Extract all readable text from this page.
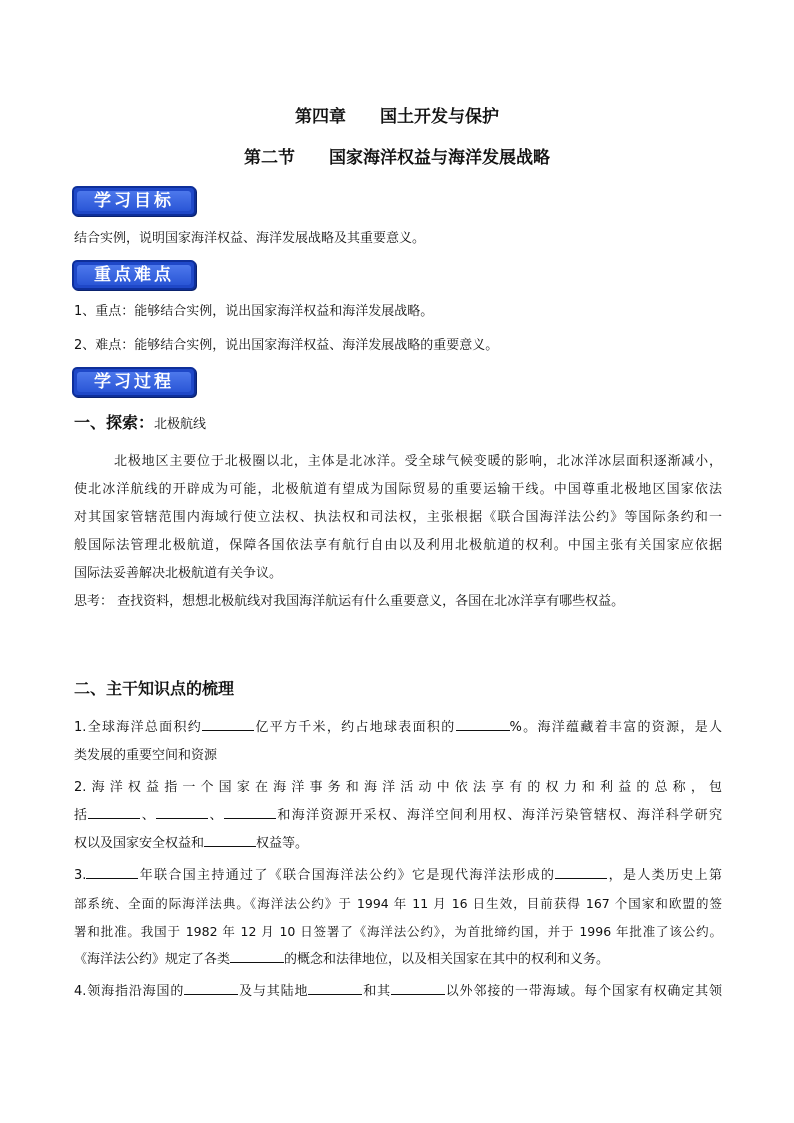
第四章 国土开发与保护
第二节 国家海洋权益与海洋发展战略
学习目标
结合实例，说明国家海洋权益、海洋发展战略及其重要意义。
重点难点
1、重点：能够结合实例，说出国家海洋权益和海洋发展战略。
2、难点：能够结合实例，说出国家海洋权益、海洋发展战略的重要意义。
学习过程
一、探索：北极航线
北极地区主要位于北极圈以北，主体是北冰洋。受全球气候变暖的影响，北冰洋冰层面积逐渐减小，
使北冰洋航线的开辟成为可能，北极航道有望成为国际贸易的重要运输干线。中国尊重北极地区国家依法
对其国家管辖范围内海域行使立法权、执法权和司法权，主张根据《联合国海洋法公约》等国际条约和一
般国际法管理北极航道，保障各国依法享有航行自由以及利用北极航道的权利。中国主张有关国家应依据
国际法妥善解决北极航道有关争议。
思考： 查找资料，想想北极航线对我国海洋航运有什么重要意义，各国在北冰洋享有哪些权益。
二、主干知识点的梳理
1.全球海洋总面积约	亿平方千米，约占地球表面积的	%。海洋蕴藏着丰富的资源，是人
类发展的重要空间和资源
2.海洋权益指一个国家在海洋事务和海洋活动中依法享有的权力和利益的总称，包
括	、	、	和海洋资源开采权、海洋空间利用权、海洋污染管辖权、海洋科学研究
权以及国家安全权益和	权益等。
3.	年联合国主持通过了《联合国海洋法公约》它是现代海洋法形成的	，是人类历史上第
部系统、全面的际海洋法典。《海洋法公约》于 1994 年 11 月 16 日生效，目前获得 167 个国家和欧盟的签
署和批准。我国于 1982 年 12 月 10 日签署了《海洋法公约》，为首批缔约国，并于 1996 年批准了该公约。
《海洋法公约》规定了各类	的概念和法律地位，以及相关国家在其中的权利和义务。
4.领海指沿海国的	及与其陆地	和其	以外邻接的一带海域。每个国家有权确定其领
